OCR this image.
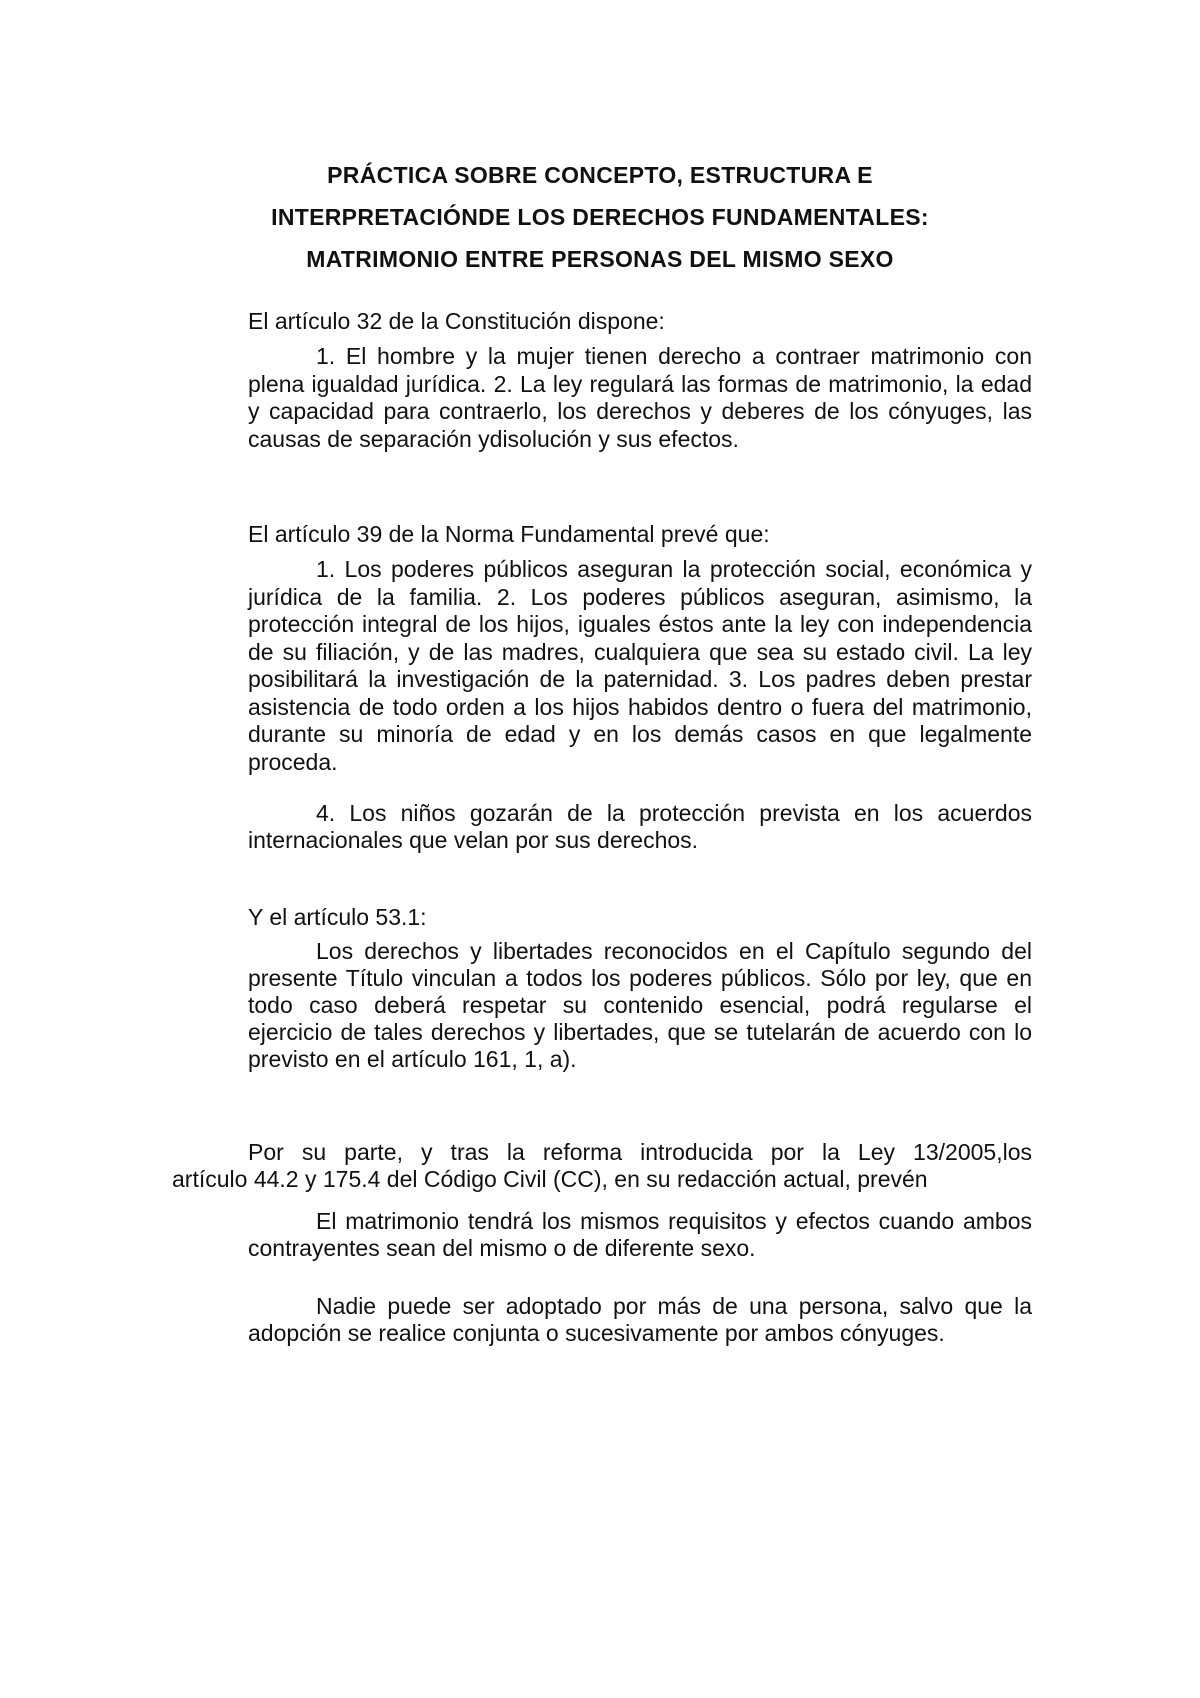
PRÁCTICA SOBRE CONCEPTO, ESTRUCTURA E
INTERPRETACIÓNDE LOS DERECHOS FUNDAMENTALES:
MATRIMONIO ENTRE PERSONAS DEL MISMO SEXO
El artículo 32 de la Constitución dispone:
1. El hombre y la mujer tienen derecho a contraer matrimonio con plena igualdad jurídica. 2. La ley regulará las formas de matrimonio, la edad y capacidad para contraerlo, los derechos y deberes de los cónyuges, las causas de separación ydisolución y sus efectos.
El artículo 39 de la Norma Fundamental prevé que:
1. Los poderes públicos aseguran la protección social, económica y jurídica de la familia. 2. Los poderes públicos aseguran, asimismo, la protección integral de los hijos, iguales éstos ante la ley con independencia de su filiación, y de las madres, cualquiera que sea su estado civil. La ley posibilitará la investigación de la paternidad. 3. Los padres deben prestar asistencia de todo orden a los hijos habidos dentro o fuera del matrimonio, durante su minoría de edad y en los demás casos en que legalmente proceda.
4. Los niños gozarán de la protección prevista en los acuerdos internacionales que velan por sus derechos.
Y el artículo 53.1:
Los derechos y libertades reconocidos en el Capítulo segundo del presente Título vinculan a todos los poderes públicos. Sólo por ley, que en todo caso deberá respetar su contenido esencial, podrá regularse el ejercicio de tales derechos y libertades, que se tutelarán de acuerdo con lo previsto en el artículo 161, 1, a).
Por su parte, y tras la reforma introducida por la Ley 13/2005,los
artículo 44.2 y 175.4 del Código Civil (CC), en su redacción actual, prevén
El matrimonio tendrá los mismos requisitos y efectos cuando ambos contrayentes sean del mismo o de diferente sexo.
Nadie puede ser adoptado por más de una persona, salvo que la adopción se realice conjunta o sucesivamente por ambos cónyuges.
